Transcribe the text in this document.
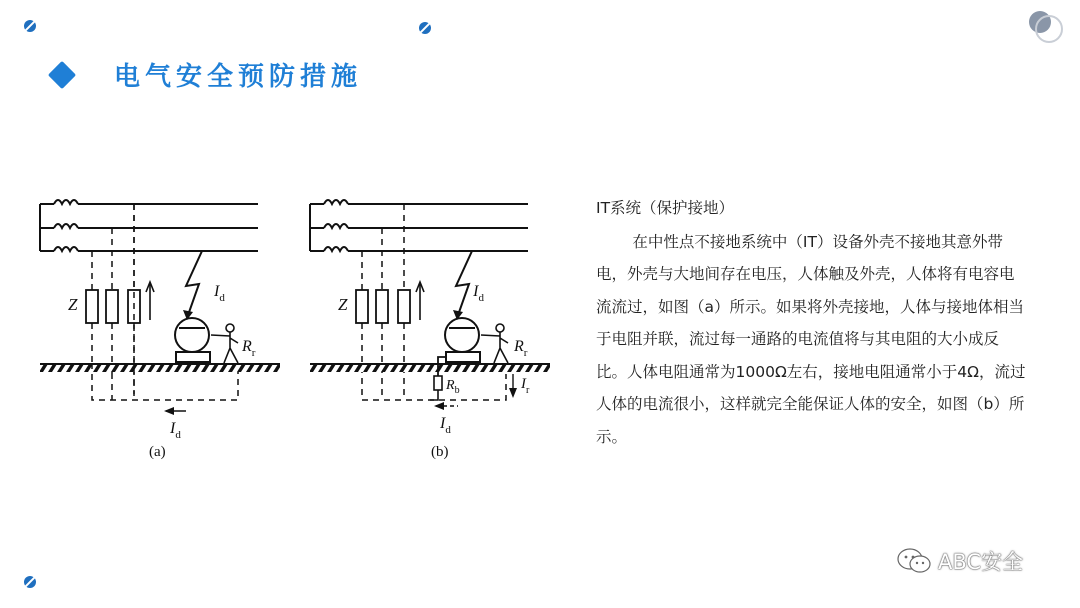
电气安全预防措施
Z
$I_d$
$R_r$
$I_d$
(a)
Z
$I_d$
$R_r$
$R_b$	$I_r$
$I_d$
(b)
IT系统（保护接地）
在中性点不接地系统中（IT）设备外壳不接地其意外带电，外壳与大地间存在电压，人体触及外壳，人体将有电容电流流过，如图（a）所示。如果将外壳接地，人体与接地体相当于电阻并联，流过每一通路的电流值将与其电阻的大小成反比。人体电阻通常为1000Ω左右，接地电阻通常小于4Ω，流过人体的电流很小，这样就完全能保证人体的安全，如图（b）所示。
ABC安全
